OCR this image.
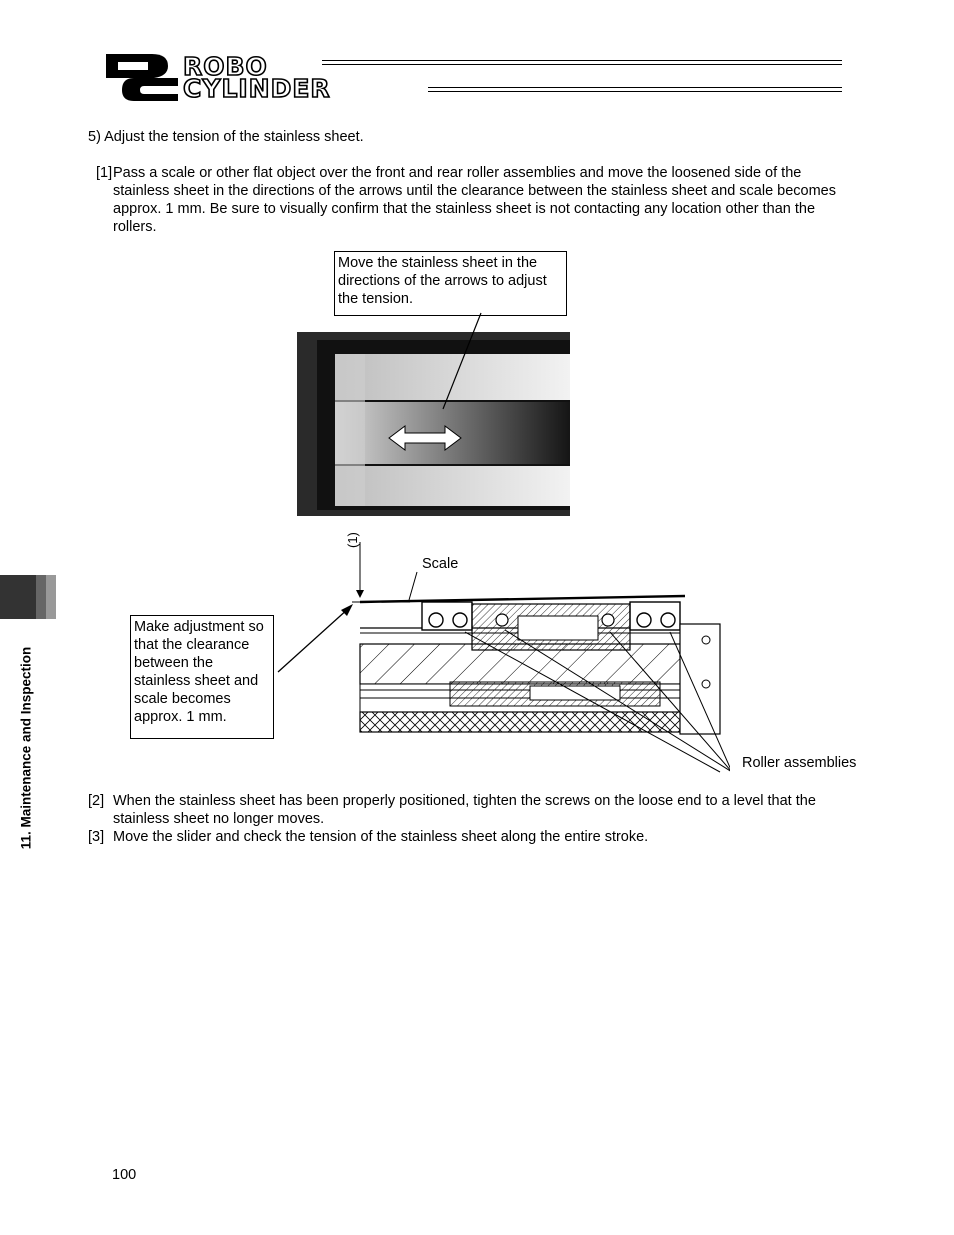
ROBO
CYLINDER
11. Maintenance and Inspection
5) Adjust the tension of the stainless sheet.
[1] Pass a scale or other flat object over the front and rear roller assemblies and move the loosened side of the stainless sheet in the directions of the arrows until the clearance between the stainless sheet and scale becomes approx. 1 mm. Be sure to visually confirm that the stainless sheet is not contacting any location other than the rollers.
Move the stainless sheet in the directions of the arrows to adjust the tension.
(1)
Scale
Make adjustment so that the clearance between the stainless sheet and scale becomes approx. 1 mm.
Roller assemblies
[2] When the stainless sheet has been properly positioned, tighten the screws on the loose end to a level that the stainless sheet no longer moves.
[3] Move the slider and check the tension of the stainless sheet along the entire stroke.
100
